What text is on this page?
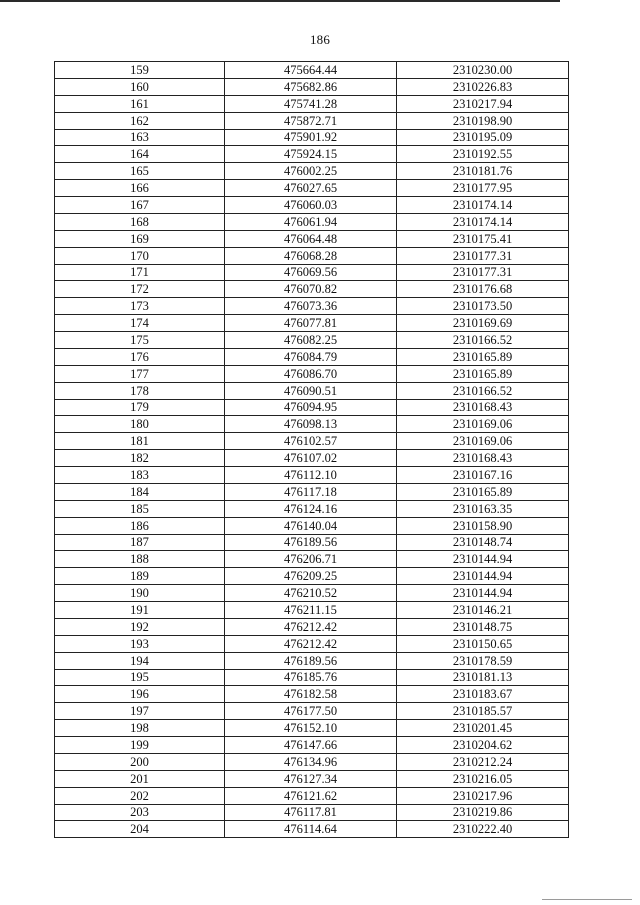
186
159	475664.44	2310230.00
160	475682.86	2310226.83
161	475741.28	2310217.94
162	475872.71	2310198.90
163	475901.92	2310195.09
164	475924.15	2310192.55
165	476002.25	2310181.76
166	476027.65	2310177.95
167	476060.03	2310174.14
168	476061.94	2310174.14
169	476064.48	2310175.41
170	476068.28	2310177.31
171	476069.56	2310177.31
172	476070.82	2310176.68
173	476073.36	2310173.50
174	476077.81	2310169.69
175	476082.25	2310166.52
176	476084.79	2310165.89
177	476086.70	2310165.89
178	476090.51	2310166.52
179	476094.95	2310168.43
180	476098.13	2310169.06
181	476102.57	2310169.06
182	476107.02	2310168.43
183	476112.10	2310167.16
184	476117.18	2310165.89
185	476124.16	2310163.35
186	476140.04	2310158.90
187	476189.56	2310148.74
188	476206.71	2310144.94
189	476209.25	2310144.94
190	476210.52	2310144.94
191	476211.15	2310146.21
192	476212.42	2310148.75
193	476212.42	2310150.65
194	476189.56	2310178.59
195	476185.76	2310181.13
196	476182.58	2310183.67
197	476177.50	2310185.57
198	476152.10	2310201.45
199	476147.66	2310204.62
200	476134.96	2310212.24
201	476127.34	2310216.05
202	476121.62	2310217.96
203	476117.81	2310219.86
204	476114.64	2310222.40
